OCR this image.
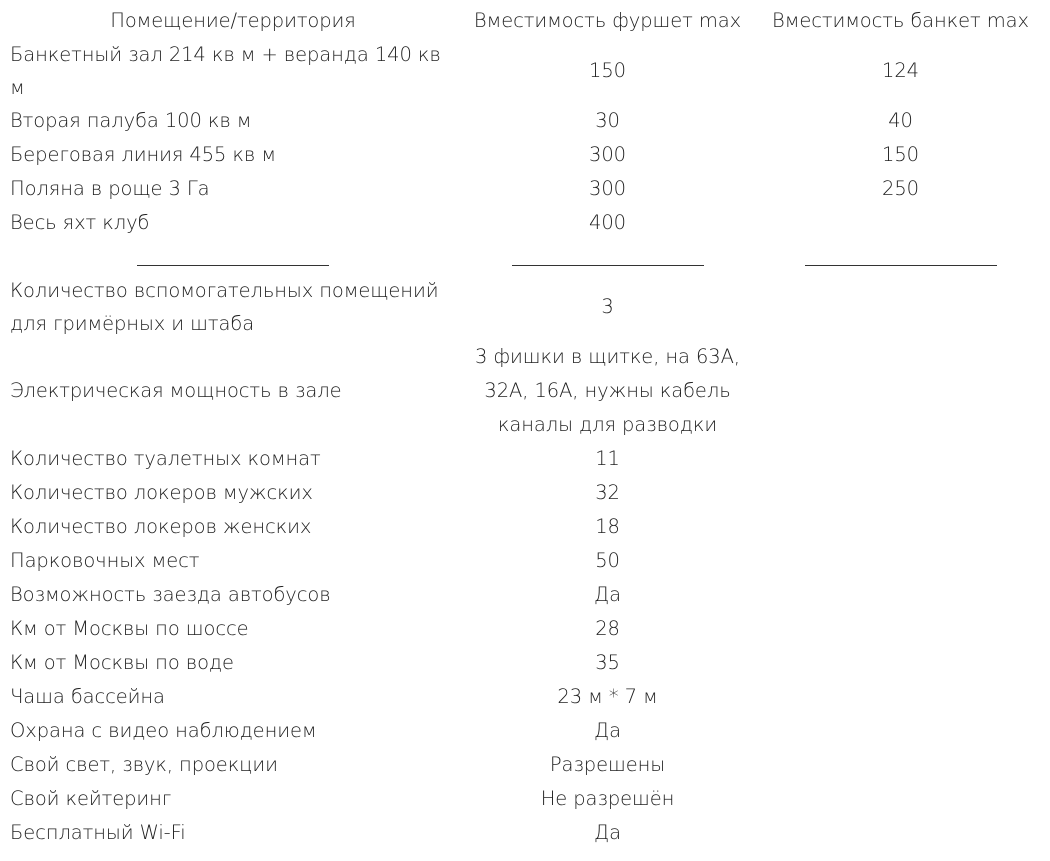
Помещение/территория	Вместимость фуршет max	Вместимость банкет max
Банкетный зал 214 кв м + веранда 140 кв м	150	124
Вторая палуба 100 кв м	30	40
Береговая линия 455 кв м	300	150
Поляна в роще 3 Га	300	250
Весь яхт клуб	400	

Количество вспомогательных помещений для гримёрных и штаба	3	
Электрическая мощность в зале	3 фишки в щитке, на 63А, 32А, 16А, нужны кабель каналы для разводки	
Количество туалетных комнат	11	
Количество локеров мужских	32	
Количество локеров женских	18	
Парковочных мест	50	
Возможность заезда автобусов	Да	
Км от Москвы по шоссе	28	
Км от Москвы по воде	35	
Чаша бассейна	23 м * 7 м	
Охрана с видео наблюдением	Да	
Свой свет, звук, проекции	Разрешены	
Свой кейтеринг	Не разрешён	
Бесплатный Wi-Fi	Да	
